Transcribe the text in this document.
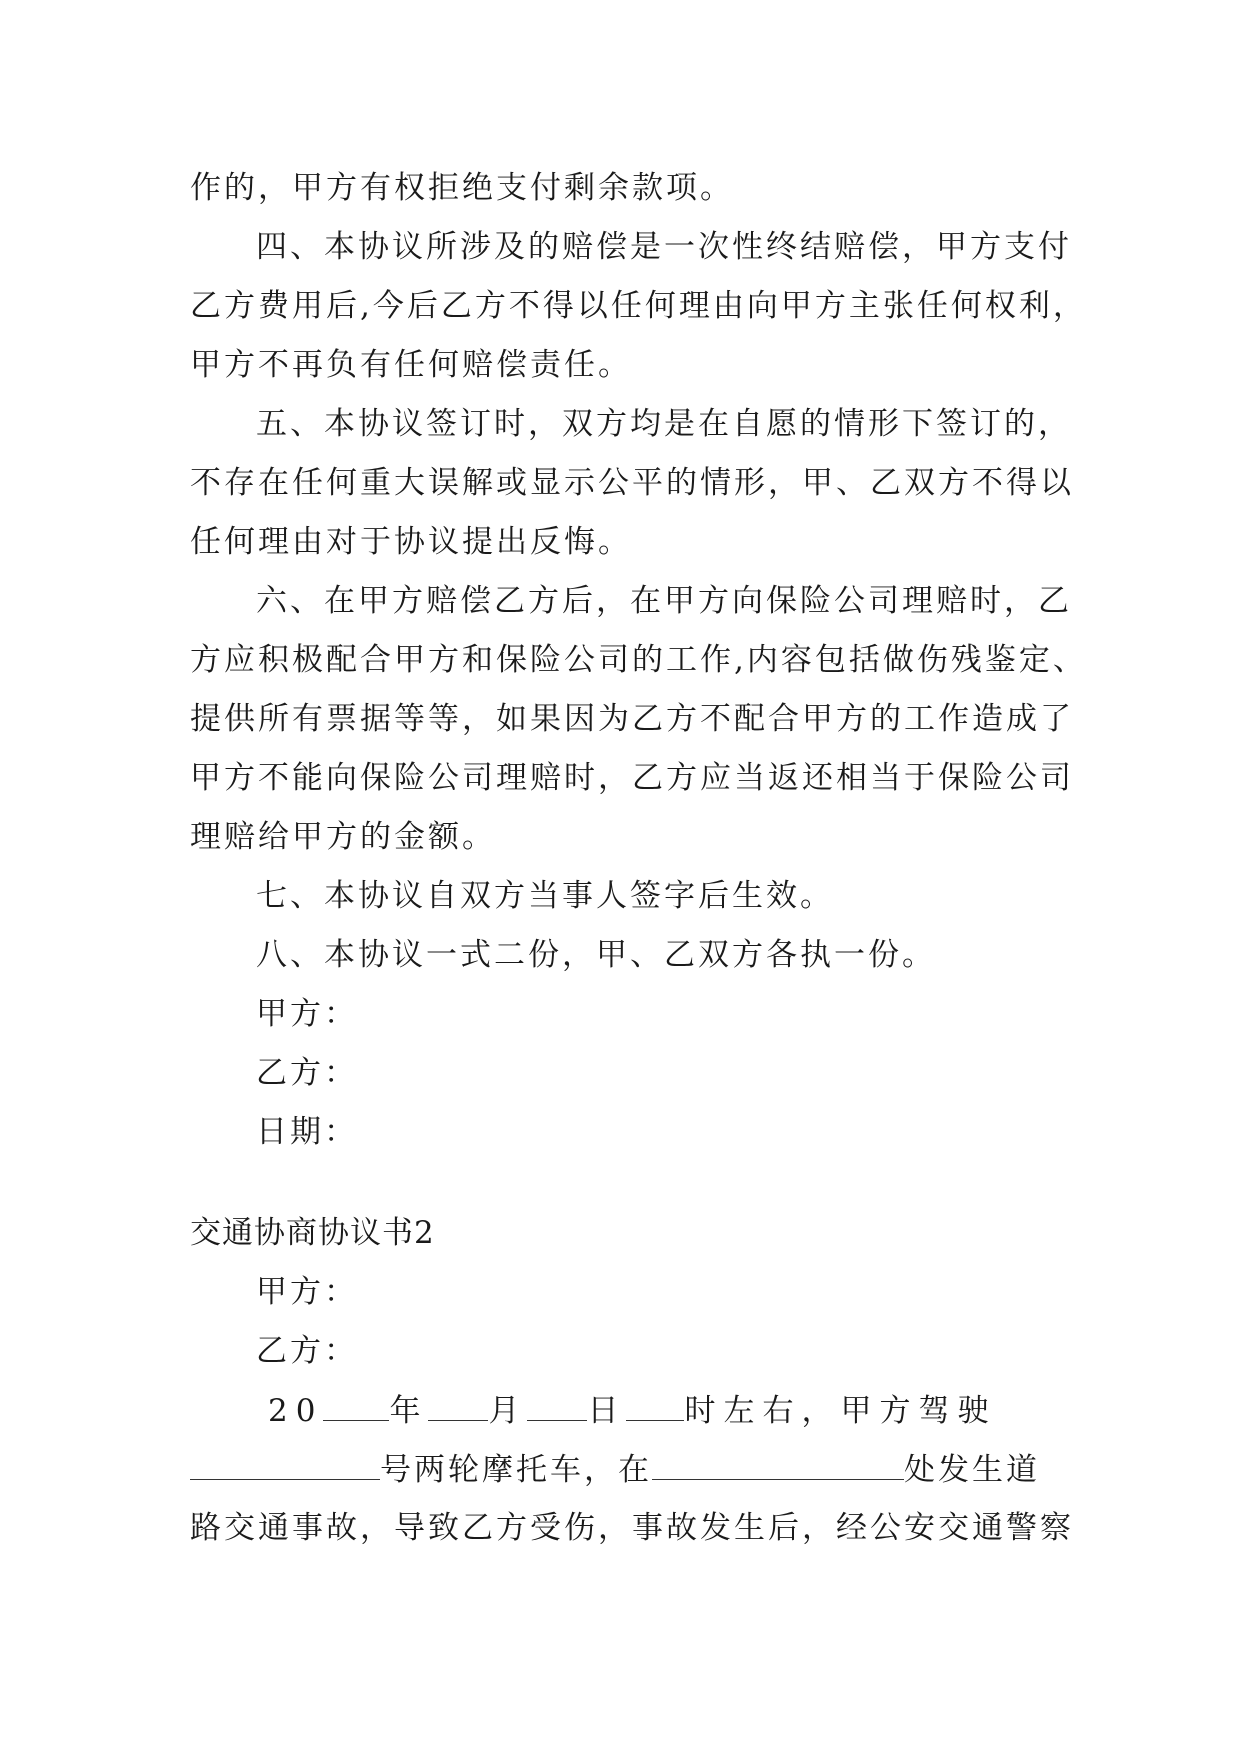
作的，甲方有权拒绝支付剩余款项。
四、本协议所涉及的赔偿是一次性终结赔偿，甲方支付
乙方费用后,今后乙方不得以任何理由向甲方主张任何权利，
甲方不再负有任何赔偿责任。
五、本协议签订时，双方均是在自愿的情形下签订的，
不存在任何重大误解或显示公平的情形，甲、乙双方不得以
任何理由对于协议提出反悔。
六、在甲方赔偿乙方后，在甲方向保险公司理赔时，乙
方应积极配合甲方和保险公司的工作,内容包括做伤残鉴定、
提供所有票据等等，如果因为乙方不配合甲方的工作造成了
甲方不能向保险公司理赔时，乙方应当返还相当于保险公司
理赔给甲方的金额。
七、本协议自双方当事人签字后生效。
八、本协议一式二份，甲、乙双方各执一份。
甲方：
乙方：
日期：
交通协商协议书2
甲方：
乙方：
20 年 月 日 时左右，甲方驾驶
号两轮摩托车，在	处发生道
路交通事故，导致乙方受伤，事故发生后，经公安交通警察
